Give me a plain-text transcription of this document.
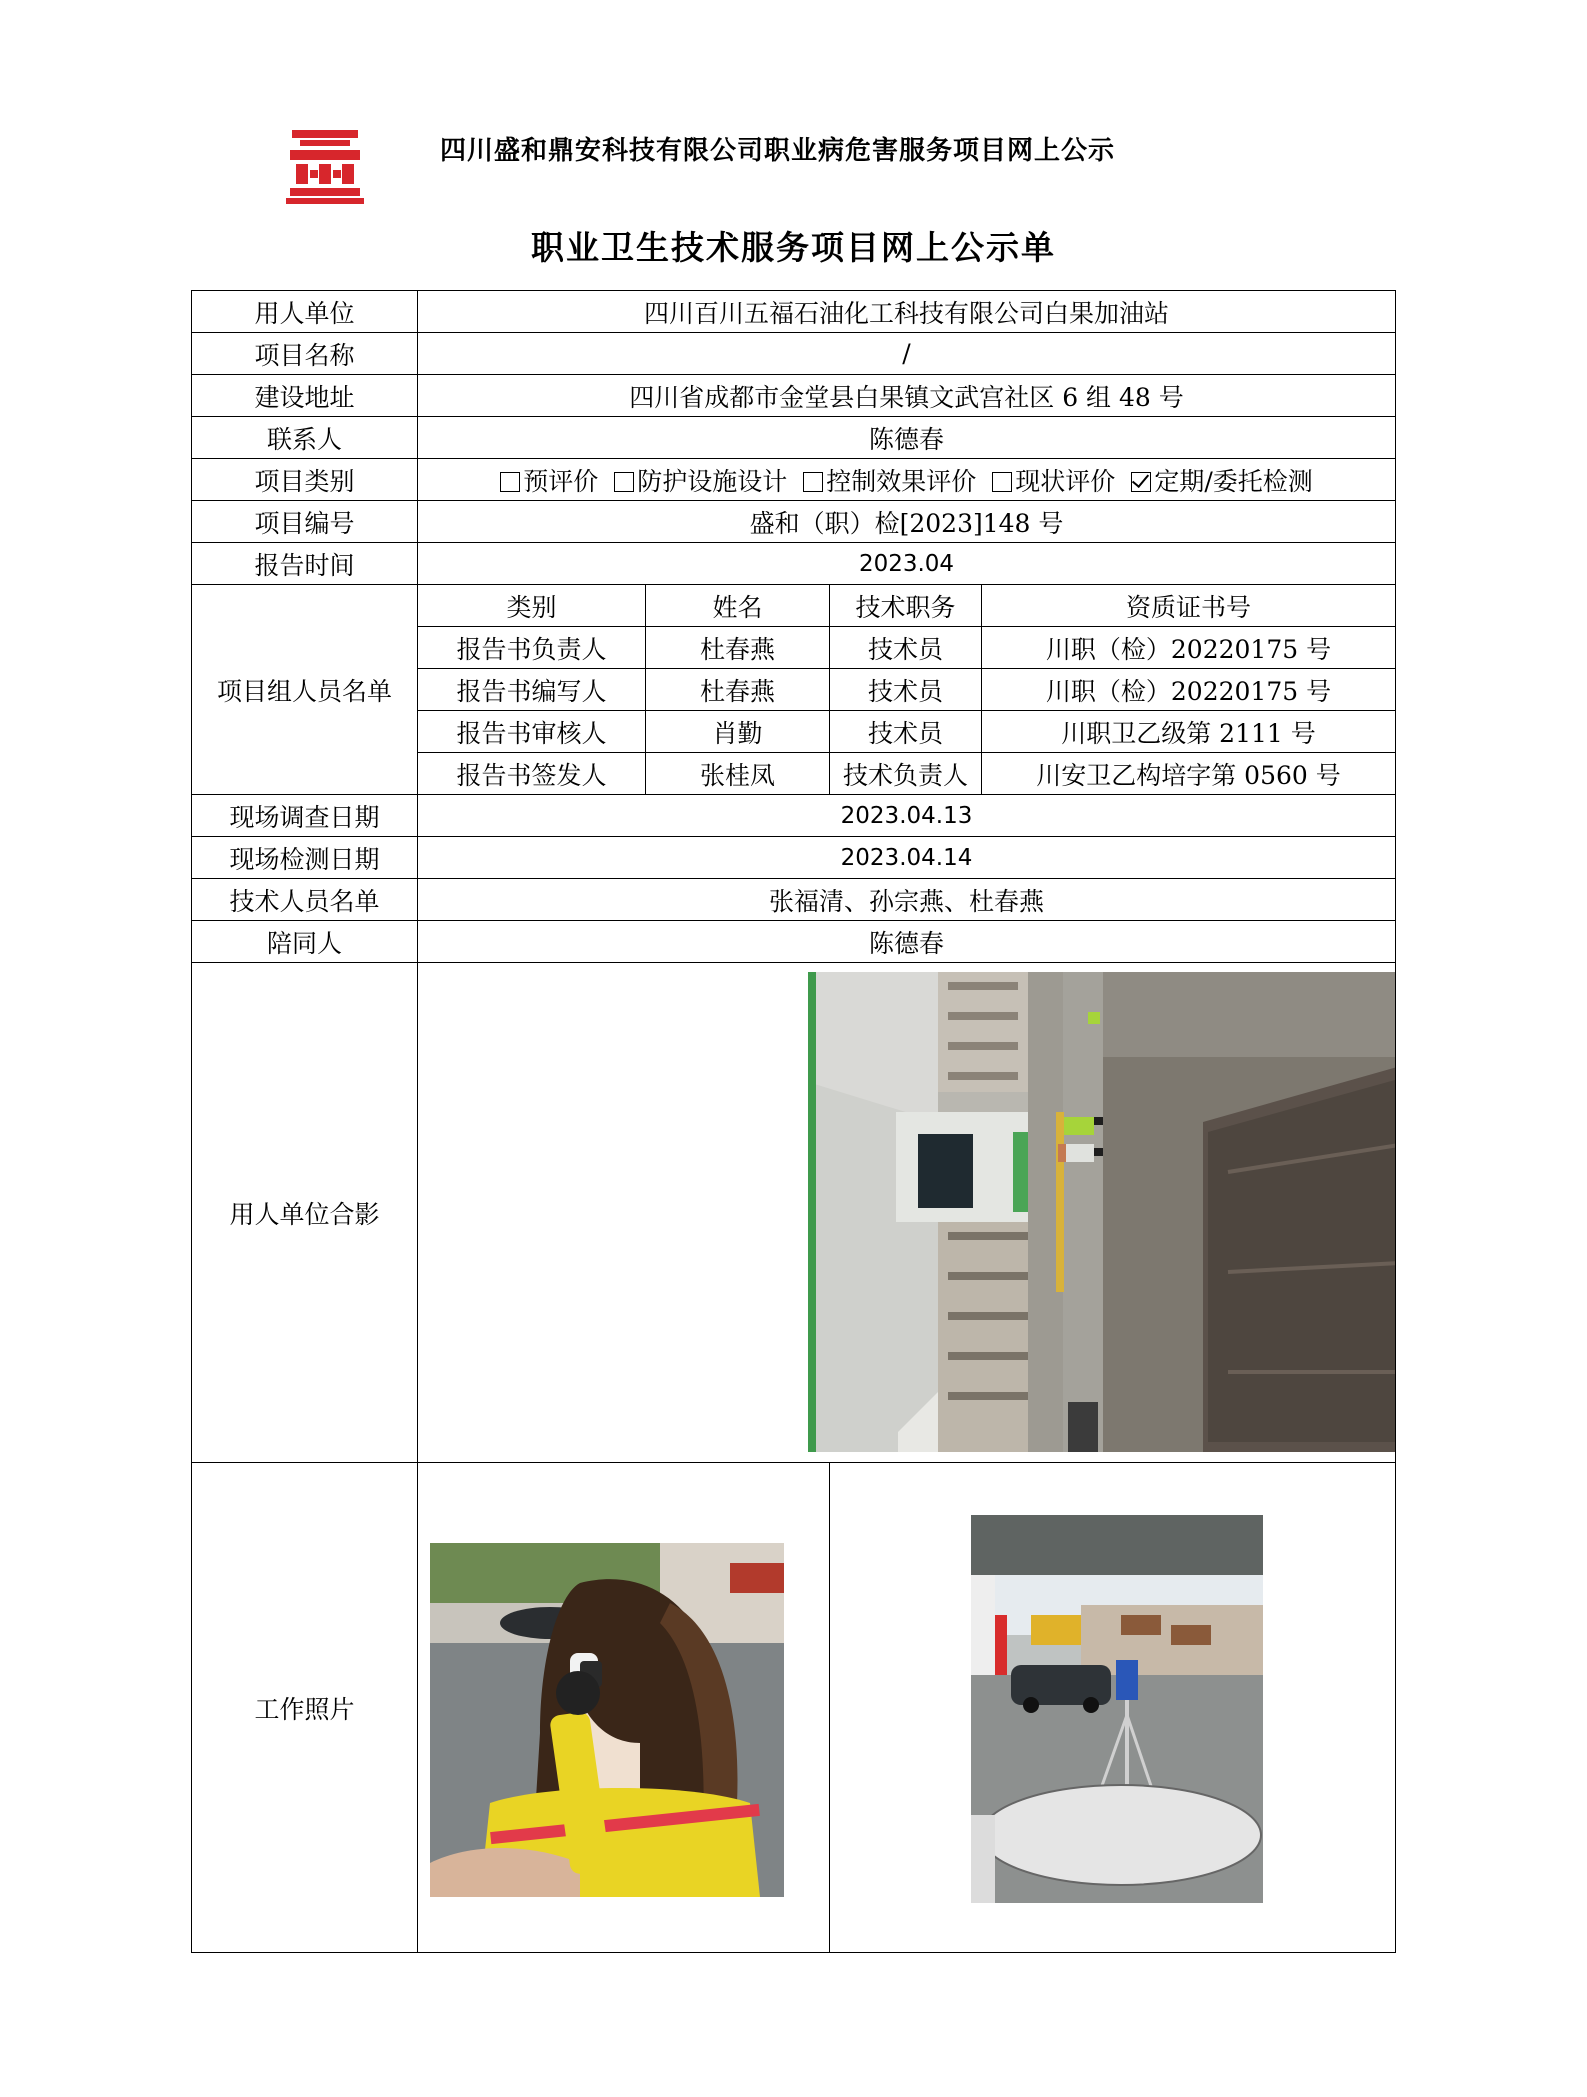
四川盛和鼎安科技有限公司职业病危害服务项目网上公示
职业卫生技术服务项目网上公示单
用人单位	四川百川五福石油化工科技有限公司白果加油站			
项目名称	/			
建设地址	四川省成都市金堂县白果镇文武宫社区 6 组 48 号			
联系人	陈德春			
项目类别	预评价 防护设施设计 控制效果评价 现状评价 定期/委托检测			
项目编号	盛和（职）检[2023]148 号			
报告时间	2023.04			
项目组人员名单	类别	姓名	技术职务	资质证书号
	报告书负责人	杜春燕	技术员	川职（检）20220175 号
	报告书编写人	杜春燕	技术员	川职（检）20220175 号
	报告书审核人	肖勤	技术员	川职卫乙级第 2111 号
	报告书签发人	张桂凤	技术负责人	川安卫乙构培字第 0560 号
现场调查日期	2023.04.13			
现场检测日期	2023.04.14			
技术人员名单	张福清、孙宗燕、杜春燕			
陪同人	陈德春			
用人单位合影	

工作照片	
